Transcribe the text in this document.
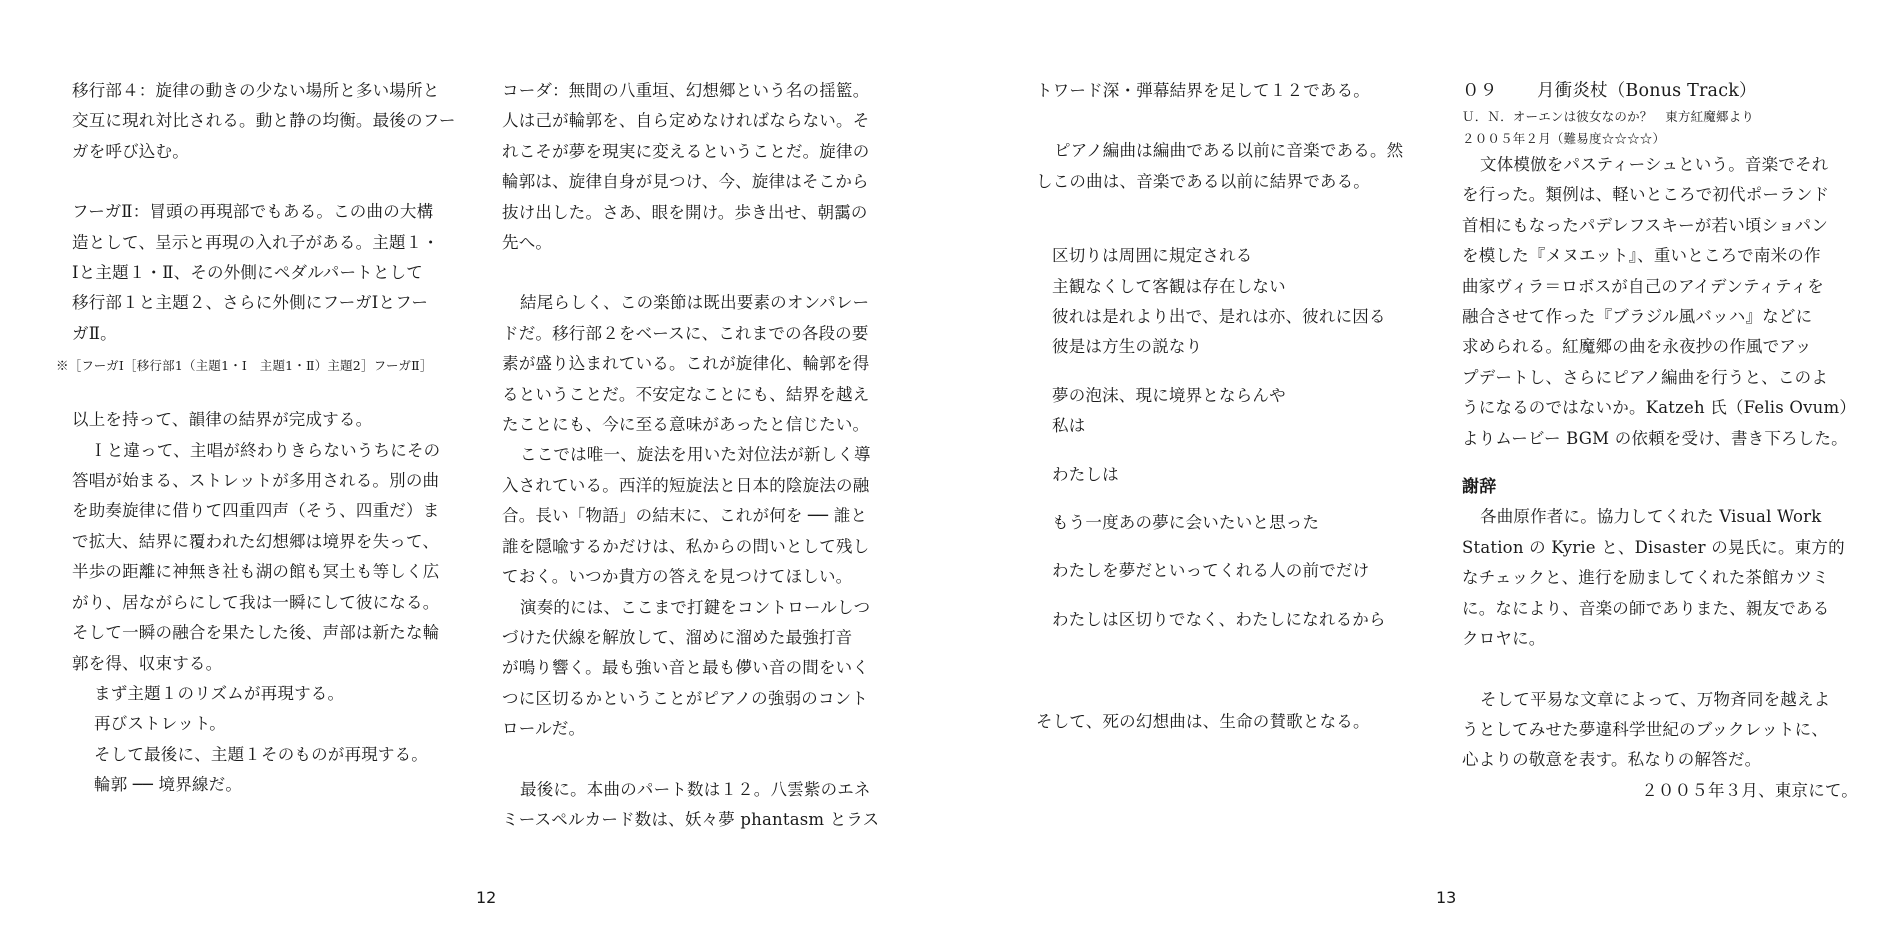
移行部４：旋律の動きの少ない場所と多い場所と

交互に現れ対比される。動と静の均衡。最後のフー

ガを呼び込む。

フーガⅡ：冒頭の再現部でもある。この曲の大構

造として、呈示と再現の入れ子がある。主題１・

Ⅰと主題１・Ⅱ、その外側にペダルパートとして

移行部１と主題２、さらに外側にフーガⅠとフー

ガⅡ。

※［フーガⅠ［移行部1（主題1・Ⅰ　主題1・Ⅱ）主題2］フーガⅡ］

以上を持って、韻律の結界が完成する。

Ｉと違って、主唱が終わりきらないうちにその

答唱が始まる、ストレットが多用される。別の曲

を助奏旋律に借りて四重四声（そう、四重だ）ま

で拡大、結界に覆われた幻想郷は境界を失って、

半歩の距離に神無き社も湖の館も冥土も等しく広

がり、居ながらにして我は一瞬にして彼になる。

そして一瞬の融合を果たした後、声部は新たな輪

郭を得、収束する。

まず主題１のリズムが再現する。

再びストレット。

そして最後に、主題１そのものが再現する。

輪郭 ── 境界線だ。

コーダ：無間の八重垣、幻想郷という名の揺籃。

人は己が輪郭を、自ら定めなければならない。そ

れこそが夢を現実に変えるということだ。旋律の

輪郭は、旋律自身が見つけ、今、旋律はそこから

抜け出した。さあ、眼を開け。歩き出せ、朝靄の

先へ。

結尾らしく、この楽節は既出要素のオンパレー

ドだ。移行部２をベースに、これまでの各段の要

素が盛り込まれている。これが旋律化、輪郭を得

るということだ。不安定なことにも、結界を越え

たことにも、今に至る意味があったと信じたい。

ここでは唯一、旋法を用いた対位法が新しく導

入されている。西洋的短旋法と日本的陰旋法の融

合。長い「物語」の結末に、これが何を ── 誰と

誰を隠喩するかだけは、私からの問いとして残し

ておく。いつか貴方の答えを見つけてほしい。

演奏的には、ここまで打鍵をコントロールしつ

づけた伏線を解放して、溜めに溜めた最強打音

が鳴り響く。最も強い音と最も儚い音の間をいく

つに区切るかということがピアノの強弱のコント

ロールだ。

最後に。本曲のパート数は１２。八雲紫のエネ

ミースペルカード数は、妖々夢 phantasm とラス

12

トワード深・弾幕結界を足して１２である。

ピアノ編曲は編曲である以前に音楽である。然

しこの曲は、音楽である以前に結界である。

区切りは周囲に規定される

主観なくして客観は存在しない

彼れは是れより出で、是れは亦、彼れに因る

彼是は方生の説なり

夢の泡沫、現に境界とならんや

私は

わたしは

もう一度あの夢に会いたいと思った

わたしを夢だといってくれる人の前でだけ

わたしは区切りでなく、わたしになれるから

そして、死の幻想曲は、生命の賛歌となる。

０９ 月衝炎杖（Bonus Track）

Ｕ．Ｎ．オーエンは彼女なのか？　東方紅魔郷より

２００５年２月（難易度☆☆☆☆）

文体模倣をパスティーシュという。音楽でそれ

を行った。類例は、軽いところで初代ポーランド

首相にもなったパデレフスキーが若い頃ショパン

を模した『メヌエット』、重いところで南米の作

曲家ヴィラ＝ロボスが自己のアイデンティティを

融合させて作った『ブラジル風バッハ』などに

求められる。紅魔郷の曲を永夜抄の作風でアッ

プデートし、さらにピアノ編曲を行うと、このよ

うになるのではないか。Katzeh 氏（Felis Ovum）

よりムービー BGM の依頼を受け、書き下ろした。

謝辞

各曲原作者に。協力してくれた Visual Work

Station の Kyrie と、Disaster の晃氏に。東方的

なチェックと、進行を励ましてくれた茶館カツミ

に。なにより、音楽の師でありまた、親友である

クロヤに。

そして平易な文章によって、万物斉同を越えよ

うとしてみせた夢違科学世紀のブックレットに、

心よりの敬意を表す。私なりの解答だ。

２００５年３月、東京にて。

13
